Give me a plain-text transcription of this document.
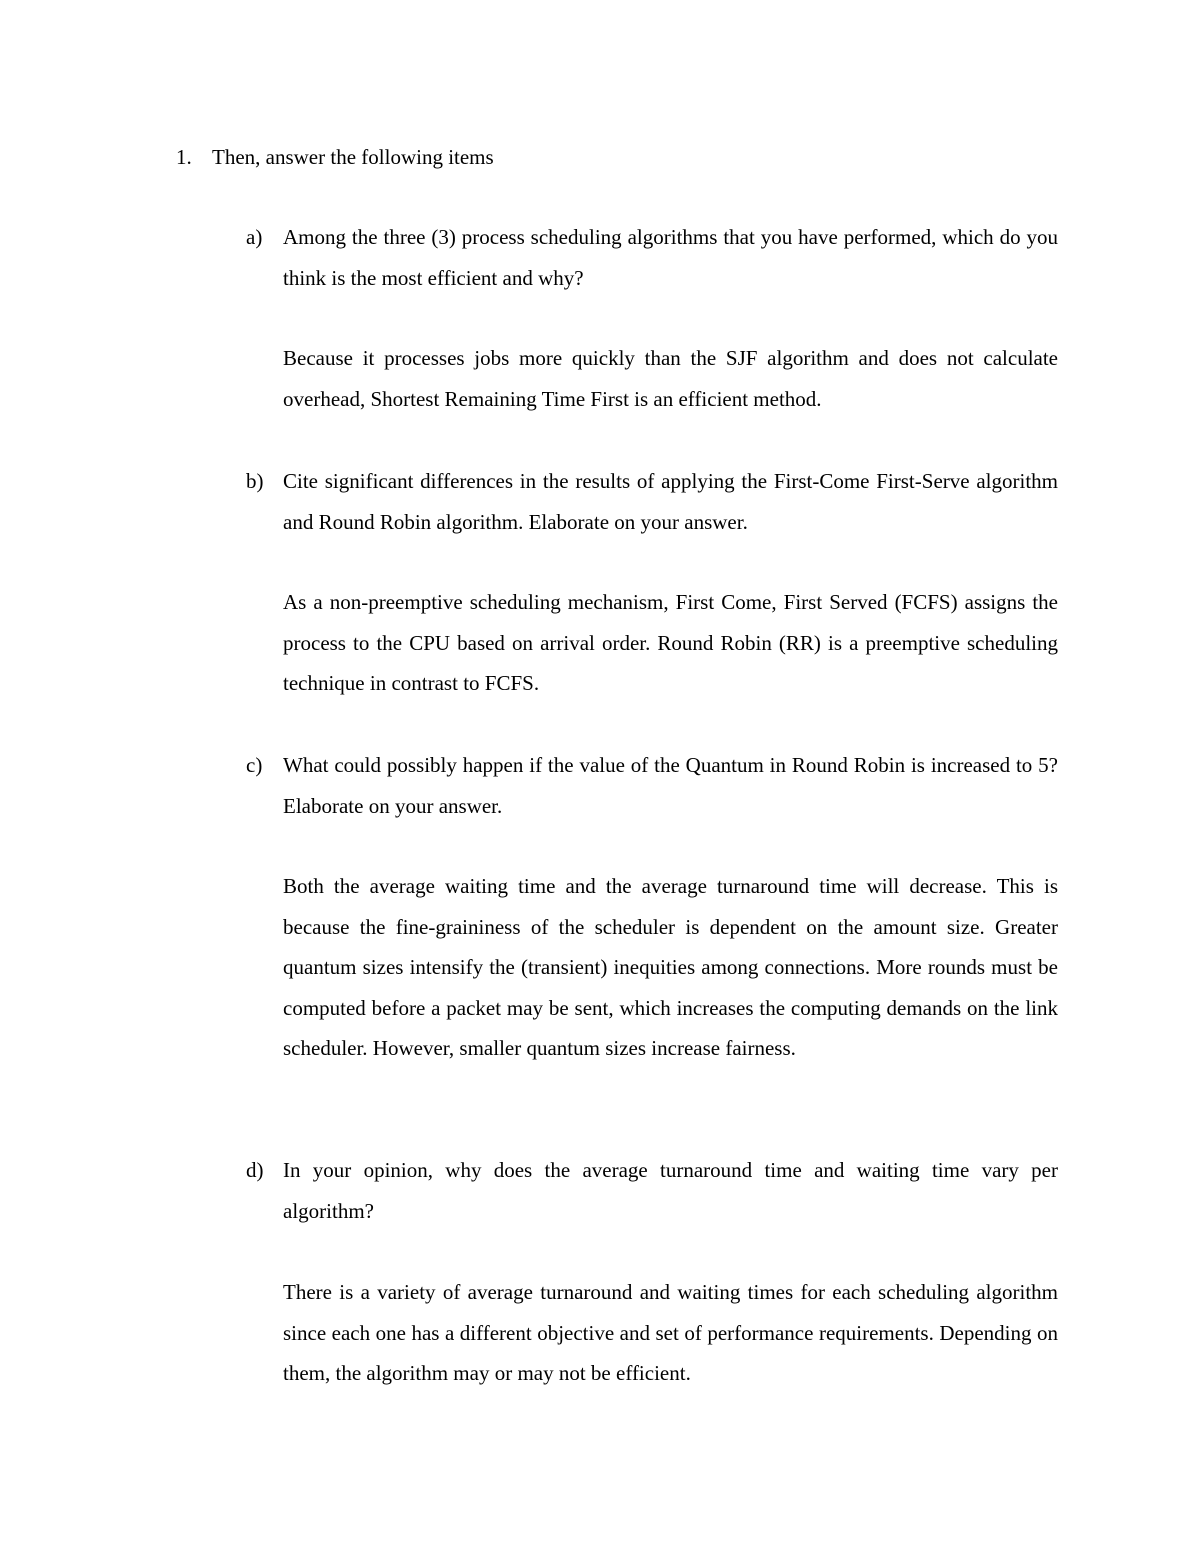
1. Then, answer the following items
a) Among the three (3) process scheduling algorithms that you have performed, which do you think is the most efficient and why?
Because it processes jobs more quickly than the SJF algorithm and does not calculate overhead, Shortest Remaining Time First is an efficient method.
b) Cite significant differences in the results of applying the First-Come First-Serve algorithm and Round Robin algorithm. Elaborate on your answer.
As a non-preemptive scheduling mechanism, First Come, First Served (FCFS) assigns the process to the CPU based on arrival order. Round Robin (RR) is a preemptive scheduling technique in contrast to FCFS.
c) What could possibly happen if the value of the Quantum in Round Robin is increased to 5? Elaborate on your answer.
Both the average waiting time and the average turnaround time will decrease. This is because the fine-graininess of the scheduler is dependent on the amount size. Greater quantum sizes intensify the (transient) inequities among connections. More rounds must be computed before a packet may be sent, which increases the computing demands on the link scheduler. However, smaller quantum sizes increase fairness.
d) In your opinion, why does the average turnaround time and waiting time vary per algorithm?
There is a variety of average turnaround and waiting times for each scheduling algorithm since each one has a different objective and set of performance requirements. Depending on them, the algorithm may or may not be efficient.
